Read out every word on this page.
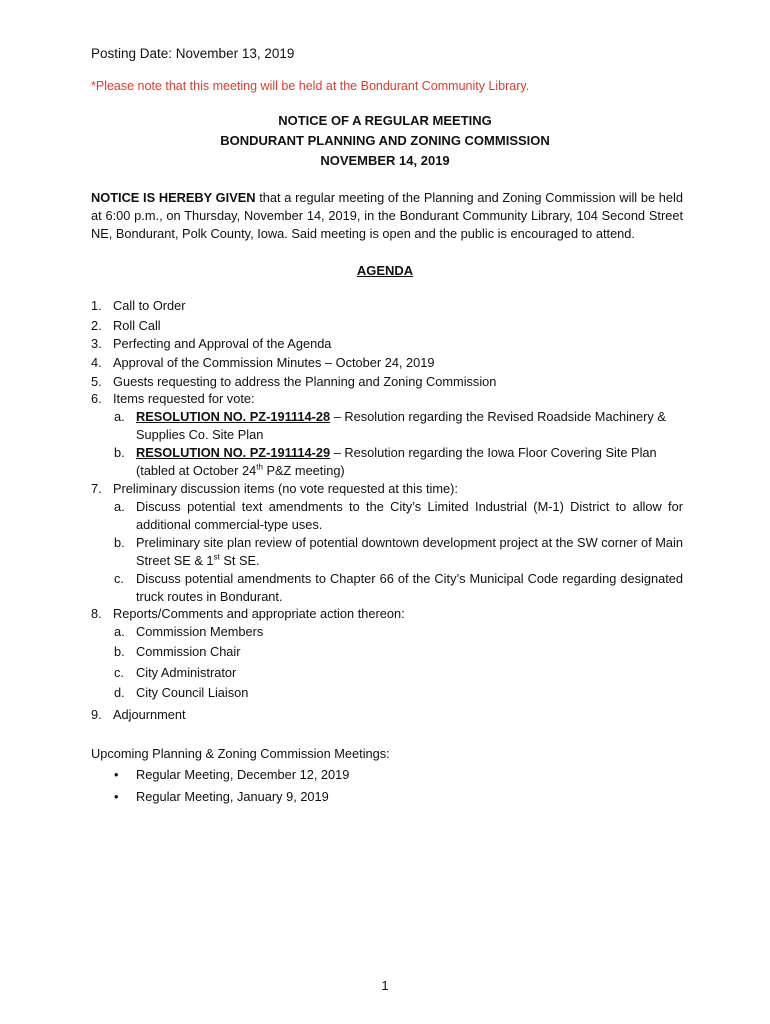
Posting Date: November 13, 2019
*Please note that this meeting will be held at the Bondurant Community Library.
NOTICE OF A REGULAR MEETING
BONDURANT PLANNING AND ZONING COMMISSION
NOVEMBER 14, 2019
NOTICE IS HEREBY GIVEN that a regular meeting of the Planning and Zoning Commission will be held at 6:00 p.m., on Thursday, November 14, 2019, in the Bondurant Community Library, 104 Second Street NE, Bondurant, Polk County, Iowa. Said meeting is open and the public is encouraged to attend.
AGENDA
1. Call to Order
2. Roll Call
3. Perfecting and Approval of the Agenda
4. Approval of the Commission Minutes – October 24, 2019
5. Guests requesting to address the Planning and Zoning Commission
6. Items requested for vote:
a. RESOLUTION NO. PZ-191114-28 – Resolution regarding the Revised Roadside Machinery & Supplies Co. Site Plan
b. RESOLUTION NO. PZ-191114-29 – Resolution regarding the Iowa Floor Covering Site Plan (tabled at October 24th P&Z meeting)
7. Preliminary discussion items (no vote requested at this time):
a. Discuss potential text amendments to the City’s Limited Industrial (M-1) District to allow for additional commercial-type uses.
b. Preliminary site plan review of potential downtown development project at the SW corner of Main Street SE & 1st St SE.
c. Discuss potential amendments to Chapter 66 of the City’s Municipal Code regarding designated truck routes in Bondurant.
8. Reports/Comments and appropriate action thereon:
a. Commission Members
b. Commission Chair
c. City Administrator
d. City Council Liaison
9. Adjournment
Upcoming Planning & Zoning Commission Meetings:
• Regular Meeting, December 12, 2019
• Regular Meeting, January 9, 2019
1
